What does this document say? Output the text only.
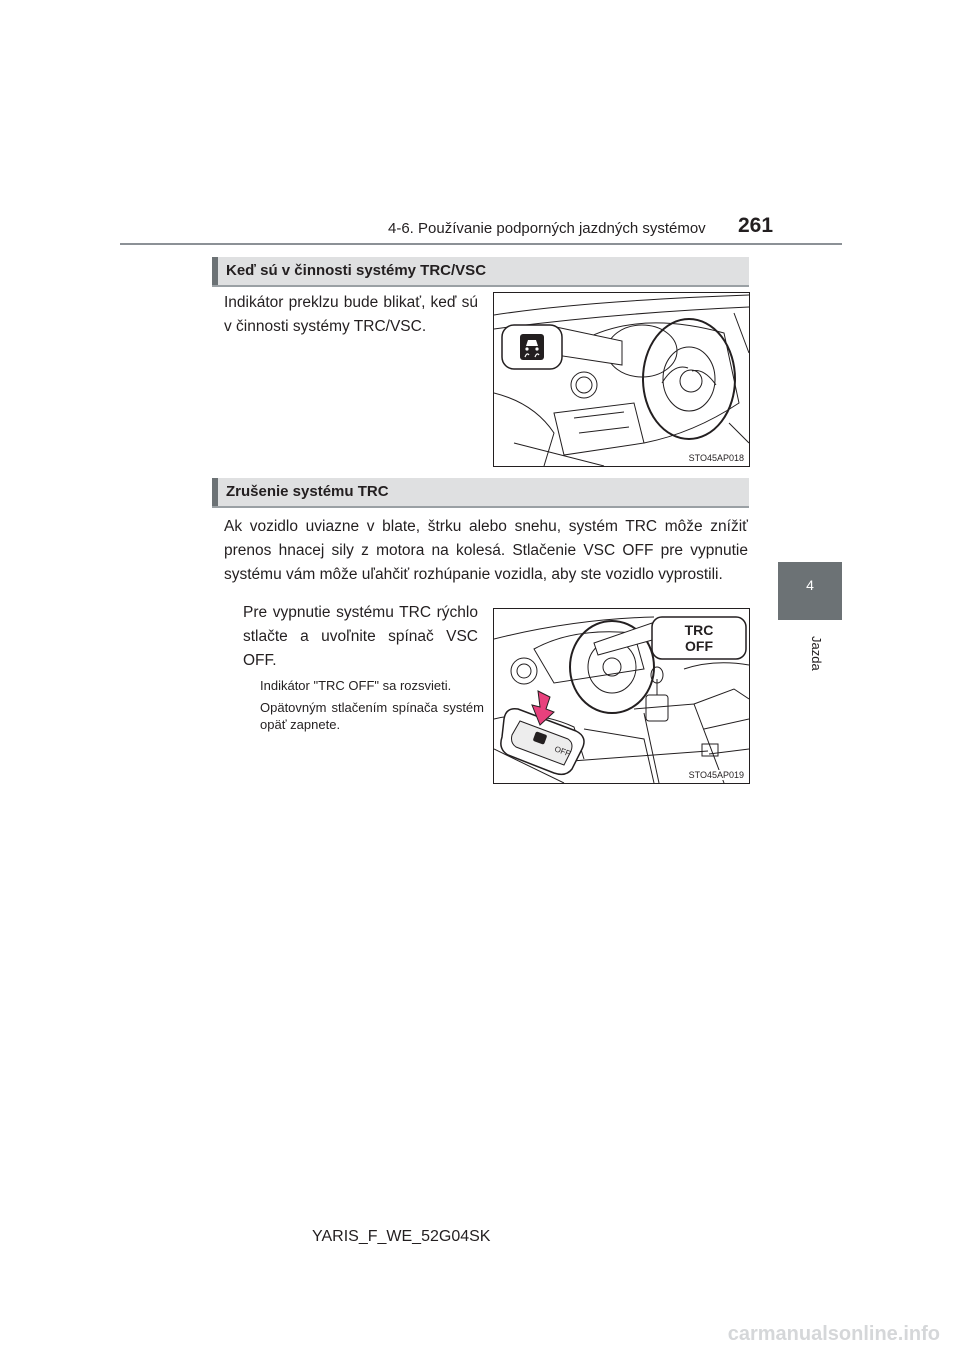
4-6. Používanie podporných jazdných systémov 261
4
Jazda
Keď sú v činnosti systémy TRC/VSC
Indikátor preklzu bude blikať, keď sú v činnosti systémy TRC/VSC.
STO45AP018
Zrušenie systému TRC
Ak vozidlo uviazne v blate, štrku alebo snehu, systém TRC môže znížiť prenos hnacej sily z motora na kolesá. Stlačenie VSC OFF pre vypnutie systému vám môže uľahčiť rozhúpanie vozidla, aby ste vozidlo vyprostili.
Pre vypnutie systému TRC rýchlo stlačte a uvoľnite spínač VSC OFF.
Indikátor "TRC OFF" sa rozsvieti.
Opätovným stlačením spínača systém opäť zapnete.
TRC
OFF
OFF
STO45AP019
YARIS_F_WE_52G04SK
carmanualsonline.info
